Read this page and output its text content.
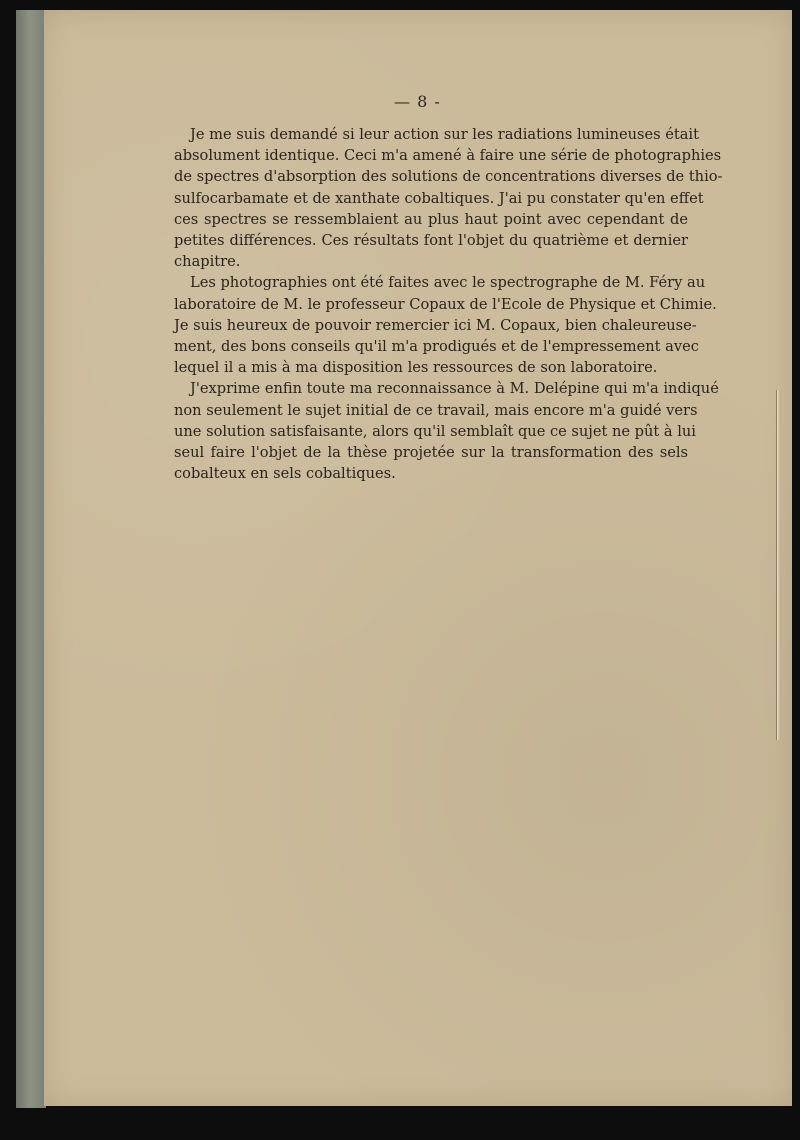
— 8 -
Je me suis demandé si leur action sur les radiations lumineuses était
absolument identique. Ceci m'a amené à faire une série de photographies
de spectres d'absorption des solutions de concentrations diverses de thio-
sulfocarbamate et de xanthate cobaltiques. J'ai pu constater qu'en effet
ces spectres se ressemblaient au plus haut point avec cependant de
petites différences. Ces résultats font l'objet du quatrième et dernier
chapitre.
Les photographies ont été faites avec le spectrographe de M. Féry au
laboratoire de M. le professeur Copaux de l'Ecole de Physique et Chimie.
Je suis heureux de pouvoir remercier ici M. Copaux, bien chaleureuse-
ment, des bons conseils qu'il m'a prodigués et de l'empressement avec
lequel il a mis à ma disposition les ressources de son laboratoire.
J'exprime enfin toute ma reconnaissance à M. Delépine qui m'a indiqué
non seulement le sujet initial de ce travail, mais encore m'a guidé vers
une solution satisfaisante, alors qu'il semblaît que ce sujet ne pût à lui
seul faire l'objet de la thèse projetée sur la transformation des sels
cobalteux en sels cobaltiques.
